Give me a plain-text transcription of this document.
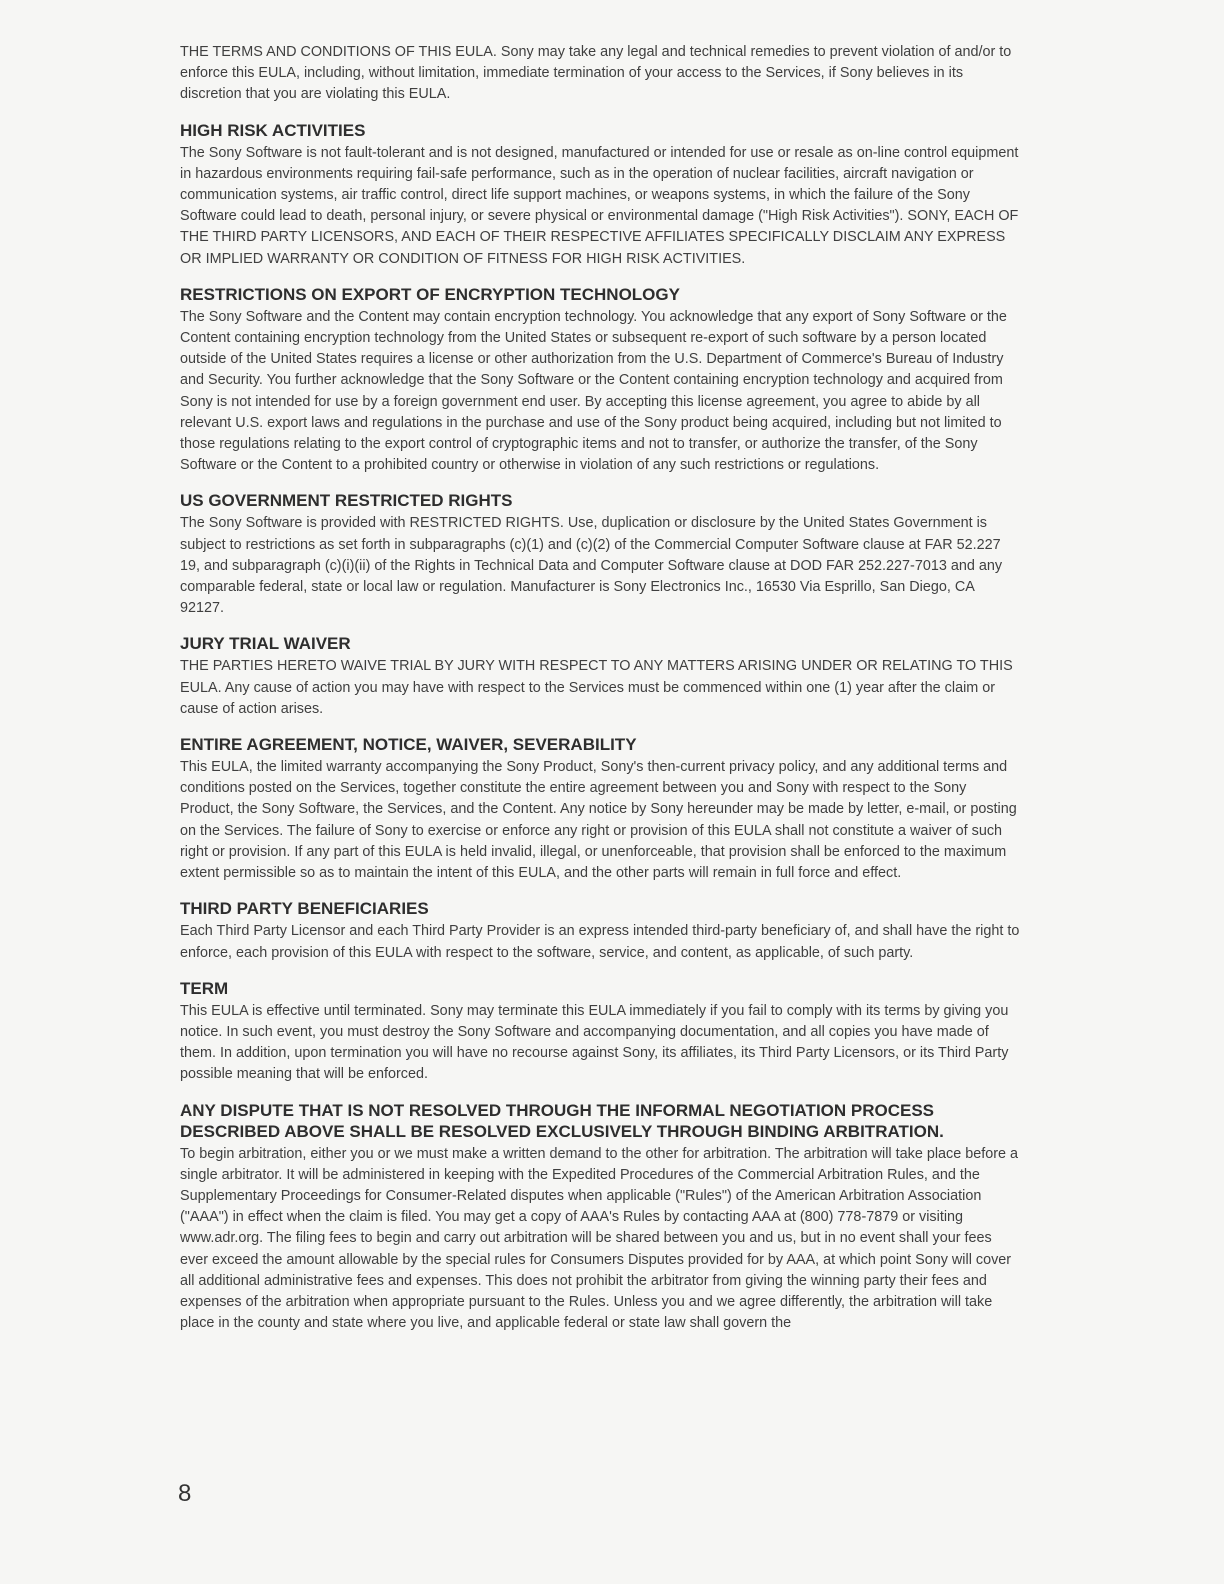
THE TERMS AND CONDITIONS OF THIS EULA. Sony may take any legal and technical remedies to prevent violation of and/or to enforce this EULA, including, without limitation, immediate termination of your access to the Services, if Sony believes in its discretion that you are violating this EULA.

HIGH RISK ACTIVITIES

The Sony Software is not fault-tolerant and is not designed, manufactured or intended for use or resale as on-line control equipment in hazardous environments requiring fail-safe performance, such as in the operation of nuclear facilities, aircraft navigation or communication systems, air traffic control, direct life support machines, or weapons systems, in which the failure of the Sony Software could lead to death, personal injury, or severe physical or environmental damage ("High Risk Activities"). SONY, EACH OF THE THIRD PARTY LICENSORS, AND EACH OF THEIR RESPECTIVE AFFILIATES SPECIFICALLY DISCLAIM ANY EXPRESS OR IMPLIED WARRANTY OR CONDITION OF FITNESS FOR HIGH RISK ACTIVITIES.

RESTRICTIONS ON EXPORT OF ENCRYPTION TECHNOLOGY

The Sony Software and the Content may contain encryption technology. You acknowledge that any export of Sony Software or the Content containing encryption technology from the United States or subsequent re-export of such software by a person located outside of the United States requires a license or other authorization from the U.S. Department of Commerce's Bureau of Industry and Security. You further acknowledge that the Sony Software or the Content containing encryption technology and acquired from Sony is not intended for use by a foreign government end user. By accepting this license agreement, you agree to abide by all relevant U.S. export laws and regulations in the purchase and use of the Sony product being acquired, including but not limited to those regulations relating to the export control of cryptographic items and not to transfer, or authorize the transfer, of the Sony Software or the Content to a prohibited country or otherwise in violation of any such restrictions or regulations.

US GOVERNMENT RESTRICTED RIGHTS

The Sony Software is provided with RESTRICTED RIGHTS. Use, duplication or disclosure by the United States Government is subject to restrictions as set forth in subparagraphs (c)(1) and (c)(2) of the Commercial Computer Software clause at FAR 52.227 19, and subparagraph (c)(i)(ii) of the Rights in Technical Data and Computer Software clause at DOD FAR 252.227-7013 and any comparable federal, state or local law or regulation. Manufacturer is Sony Electronics Inc., 16530 Via Esprillo, San Diego, CA 92127.

JURY TRIAL WAIVER

THE PARTIES HERETO WAIVE TRIAL BY JURY WITH RESPECT TO ANY MATTERS ARISING UNDER OR RELATING TO THIS EULA. Any cause of action you may have with respect to the Services must be commenced within one (1) year after the claim or cause of action arises.

ENTIRE AGREEMENT, NOTICE, WAIVER, SEVERABILITY

This EULA, the limited warranty accompanying the Sony Product, Sony's then-current privacy policy, and any additional terms and conditions posted on the Services, together constitute the entire agreement between you and Sony with respect to the Sony Product, the Sony Software, the Services, and the Content. Any notice by Sony hereunder may be made by letter, e-mail, or posting on the Services. The failure of Sony to exercise or enforce any right or provision of this EULA shall not constitute a waiver of such right or provision. If any part of this EULA is held invalid, illegal, or unenforceable, that provision shall be enforced to the maximum extent permissible so as to maintain the intent of this EULA, and the other parts will remain in full force and effect.

THIRD PARTY BENEFICIARIES

Each Third Party Licensor and each Third Party Provider is an express intended third-party beneficiary of, and shall have the right to enforce, each provision of this EULA with respect to the software, service, and content, as applicable, of such party.

TERM

This EULA is effective until terminated. Sony may terminate this EULA immediately if you fail to comply with its terms by giving you notice. In such event, you must destroy the Sony Software and accompanying documentation, and all copies you have made of them. In addition, upon termination you will have no recourse against Sony, its affiliates, its Third Party Licensors, or its Third Party possible meaning that will be enforced.

ANY DISPUTE THAT IS NOT RESOLVED THROUGH THE INFORMAL NEGOTIATION PROCESS DESCRIBED ABOVE SHALL BE RESOLVED EXCLUSIVELY THROUGH BINDING ARBITRATION.

To begin arbitration, either you or we must make a written demand to the other for arbitration. The arbitration will take place before a single arbitrator. It will be administered in keeping with the Expedited Procedures of the Commercial Arbitration Rules, and the Supplementary Proceedings for Consumer-Related disputes when applicable ("Rules") of the American Arbitration Association ("AAA") in effect when the claim is filed. You may get a copy of AAA's Rules by contacting AAA at (800) 778-7879 or visiting www.adr.org. The filing fees to begin and carry out arbitration will be shared between you and us, but in no event shall your fees ever exceed the amount allowable by the special rules for Consumers Disputes provided for by AAA, at which point Sony will cover all additional administrative fees and expenses. This does not prohibit the arbitrator from giving the winning party their fees and expenses of the arbitration when appropriate pursuant to the Rules. Unless you and we agree differently, the arbitration will take place in the county and state where you live, and applicable federal or state law shall govern the

8
